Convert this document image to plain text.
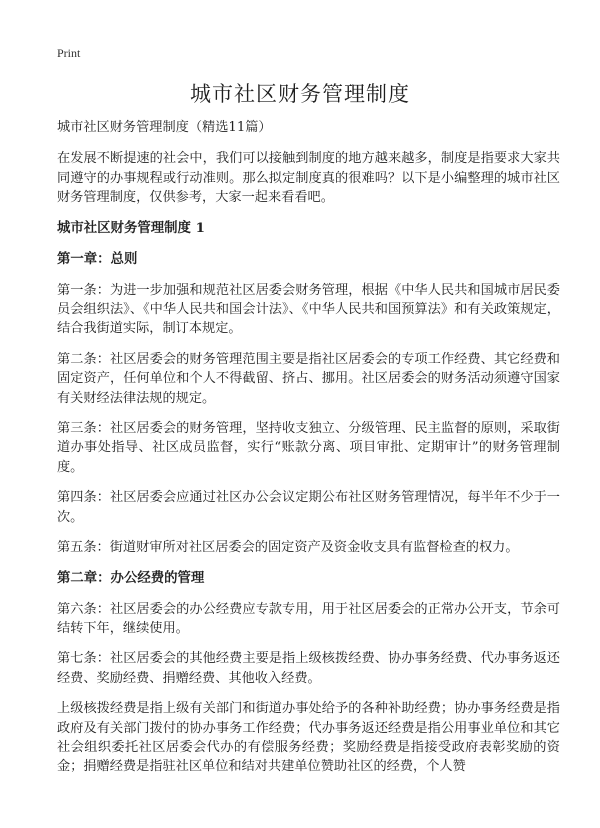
Print
城市社区财务管理制度

城市社区财务管理制度（精选11篇）

在发展不断提速的社会中，我们可以接触到制度的地方越来越多，制度是指要求大家共同遵守的办事规程或行动准则。那么拟定制度真的很难吗？以下是小编整理的城市社区财务管理制度，仅供参考，大家一起来看看吧。

城市社区财务管理制度 1

第一章：总则

第一条：为进一步加强和规范社区居委会财务管理，根据《中华人民共和国城市居民委员会组织法》、《中华人民共和国会计法》、《中华人民共和国预算法》和有关政策规定，结合我街道实际，制订本规定。

第二条：社区居委会的财务管理范围主要是指社区居委会的专项工作经费、其它经费和固定资产，任何单位和个人不得截留、挤占、挪用。社区居委会的财务活动须遵守国家有关财经法律法规的规定。

第三条：社区居委会的财务管理，坚持收支独立、分级管理、民主监督的原则，采取街道办事处指导、社区成员监督，实行“账款分离、项目审批、定期审计”的财务管理制度。

第四条：社区居委会应通过社区办公会议定期公布社区财务管理情况，每半年不少于一次。

第五条：街道财审所对社区居委会的固定资产及资金收支具有监督检查的权力。

第二章：办公经费的管理

第六条：社区居委会的办公经费应专款专用，用于社区居委会的正常办公开支，节余可结转下年，继续使用。

第七条：社区居委会的其他经费主要是指上级核拨经费、协办事务经费、代办事务返还经费、奖励经费、捐赠经费、其他收入经费。

上级核拨经费是指上级有关部门和街道办事处给予的各种补助经费；协办事务经费是指政府及有关部门拨付的协办事务工作经费；代办事务返还经费是指公用事业单位和其它社会组织委托社区居委会代办的有偿服务经费；奖励经费是指接受政府表彰奖励的资金；捐赠经费是指驻社区单位和结对共建单位赞助社区的经费，个人赞
